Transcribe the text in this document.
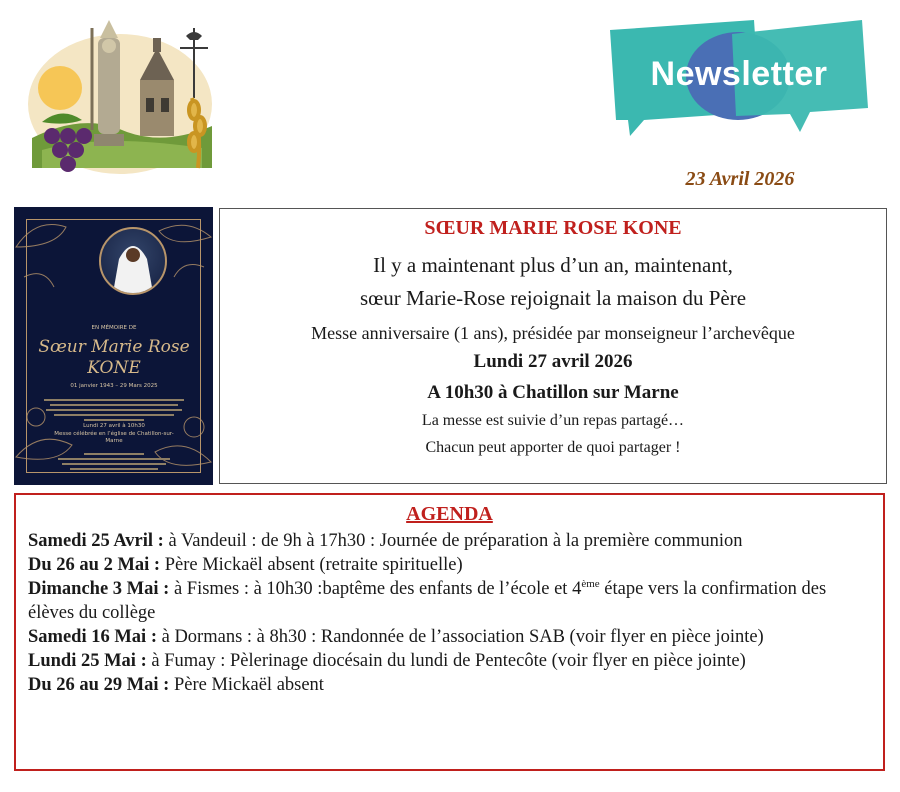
Newsletter
23 Avril 2026
EN MÉMOIRE DE
Sœur Marie Rose
KONE
01 janvier 1943 – 29 Mars 2025
Lundi 27 avril à 10h30
Messe célébrée en l’église de Chatillon-sur-Marne

SŒUR MARIE ROSE KONE

Il y a maintenant plus d’un an, maintenant,

sœur Marie-Rose rejoignait la maison du Père

Messe anniversaire (1 ans), présidée par monseigneur l’archevêque

Lundi 27 avril 2026

A 10h30 à Chatillon sur Marne

La messe est suivie d’un repas partagé…

Chacun peut apporter de quoi partager !

AGENDA

Samedi 25 Avril : à Vandeuil : de 9h à 17h30 : Journée de préparation à la première communion

Du 26 au 2 Mai : Père Mickaël absent (retraite spirituelle)

Dimanche 3 Mai : à Fismes : à 10h30 :baptême des enfants de l’école et 4ème étape vers la confirmation des élèves du collège

Samedi 16 Mai : à Dormans : à 8h30 : Randonnée de l’association SAB (voir flyer en pièce jointe)

Lundi 25 Mai : à Fumay : Pèlerinage diocésain du lundi de Pentecôte (voir flyer en pièce jointe)

Du 26 au 29 Mai : Père Mickaël absent
